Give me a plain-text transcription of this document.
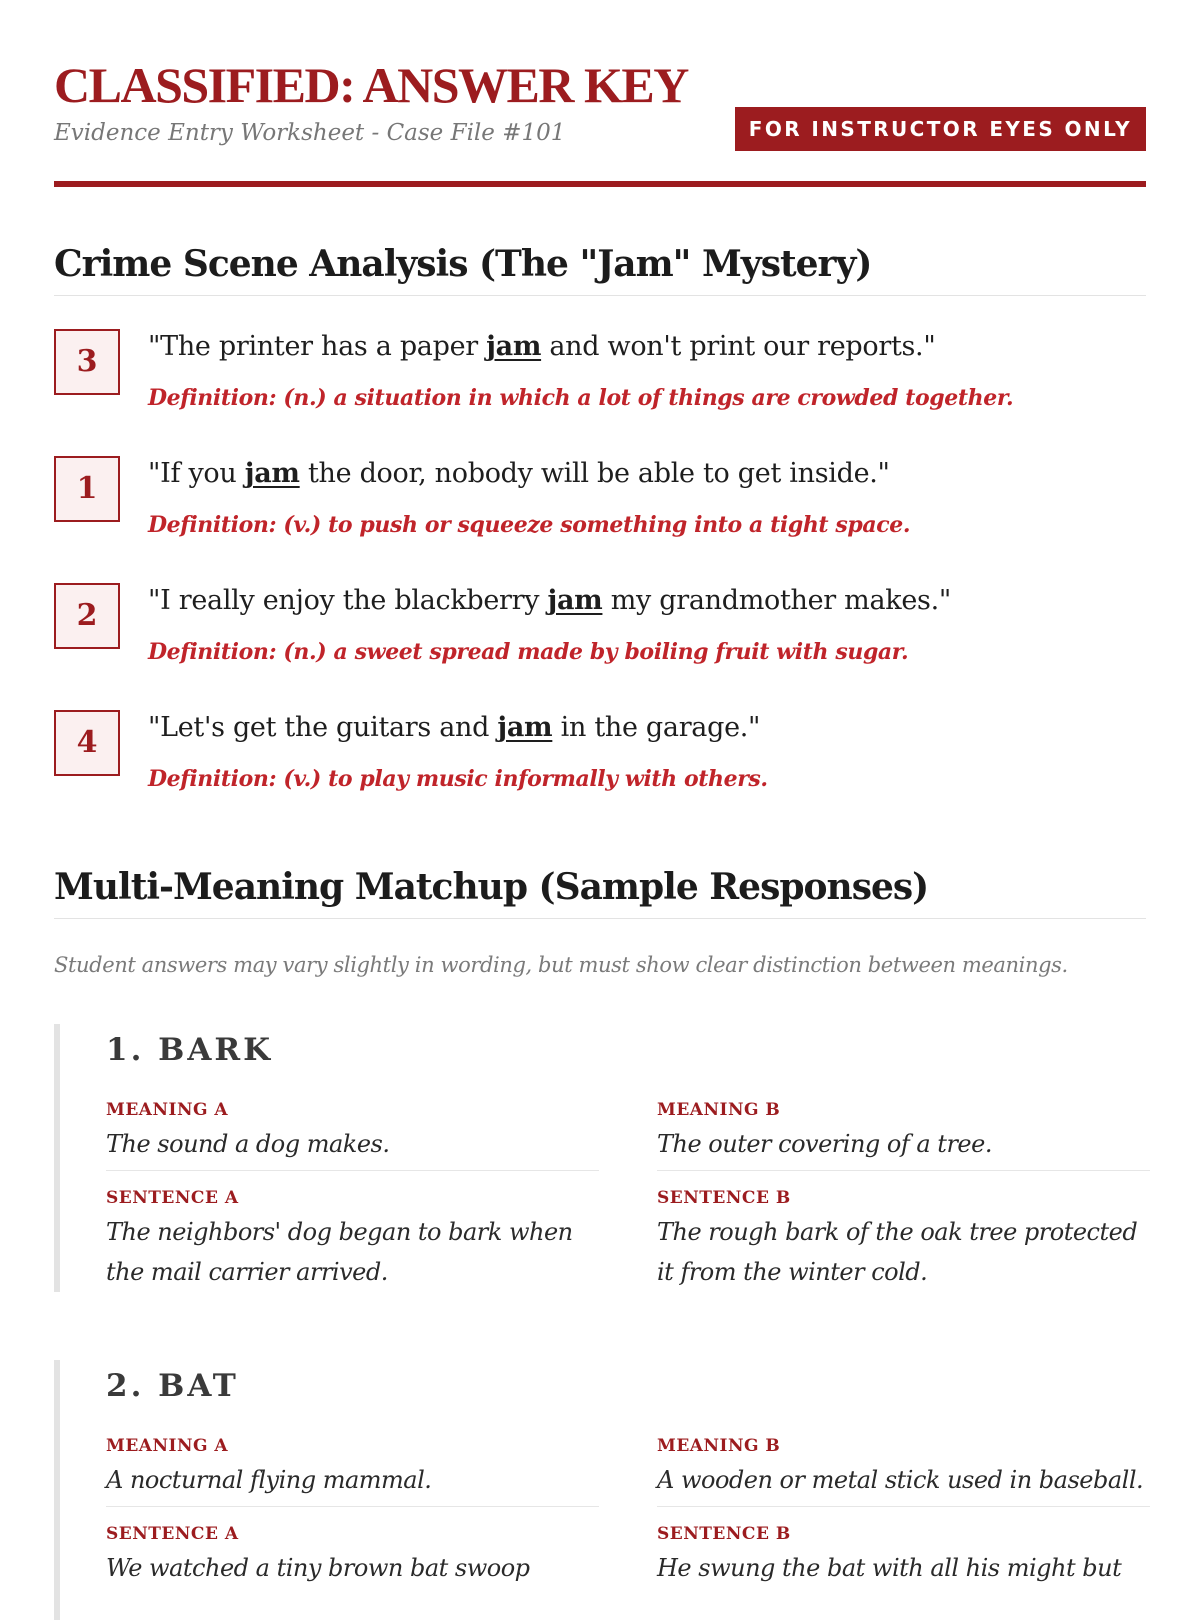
CLASSIFIED: ANSWER KEY
Evidence Entry Worksheet - Case File #101	FOR INSTRUCTOR EYES ONLY
Crime Scene Analysis (The "Jam" Mystery)
3	"The printer has a paper jam and won't print our reports."
Definition: (n.) a situation in which a lot of things are crowded together.
1	"If you jam the door, nobody will be able to get inside."
Definition: (v.) to push or squeeze something into a tight space.
2	"I really enjoy the blackberry jam my grandmother makes."
Definition: (n.) a sweet spread made by boiling fruit with sugar.
4	"Let's get the guitars and jam in the garage."
Definition: (v.) to play music informally with others.
Multi-Meaning Matchup (Sample Responses)
Student answers may vary slightly in wording, but must show clear distinction between meanings.
1. BARK
MEANING A
The sound a dog makes.
MEANING B
The outer covering of a tree.
SENTENCE A
The neighbors' dog began to bark when the mail carrier arrived.
SENTENCE B
The rough bark of the oak tree protected it from the winter cold.
2. BAT
MEANING A
A nocturnal flying mammal.
MEANING B
A wooden or metal stick used in baseball.
SENTENCE A
We watched a tiny brown bat swoop
SENTENCE B
He swung the bat with all his might but
